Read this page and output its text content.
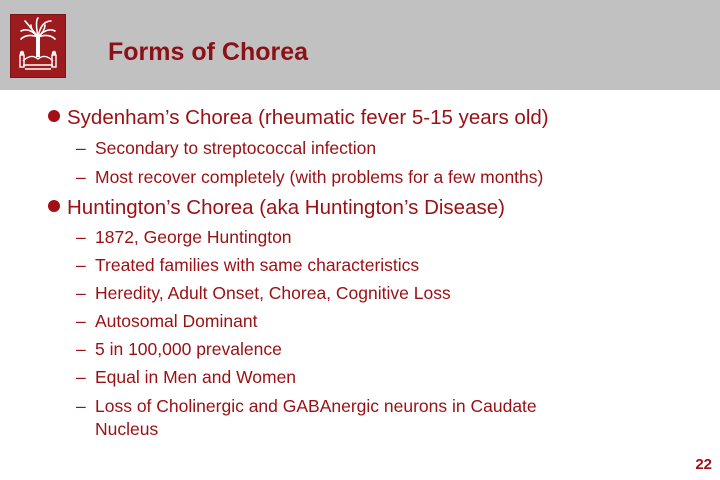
Forms of Chorea
Sydenham’s Chorea (rheumatic fever 5-15 years old)
– Secondary to streptococcal infection
– Most recover completely (with problems for a few months)
Huntington’s Chorea (aka Huntington’s Disease)
– 1872, George Huntington
– Treated families with same characteristics
– Heredity, Adult Onset, Chorea, Cognitive Loss
– Autosomal Dominant
– 5 in 100,000 prevalence
– Equal in Men and Women
– Loss of Cholinergic and GABAnergic neurons in Caudate
Nucleus
22
